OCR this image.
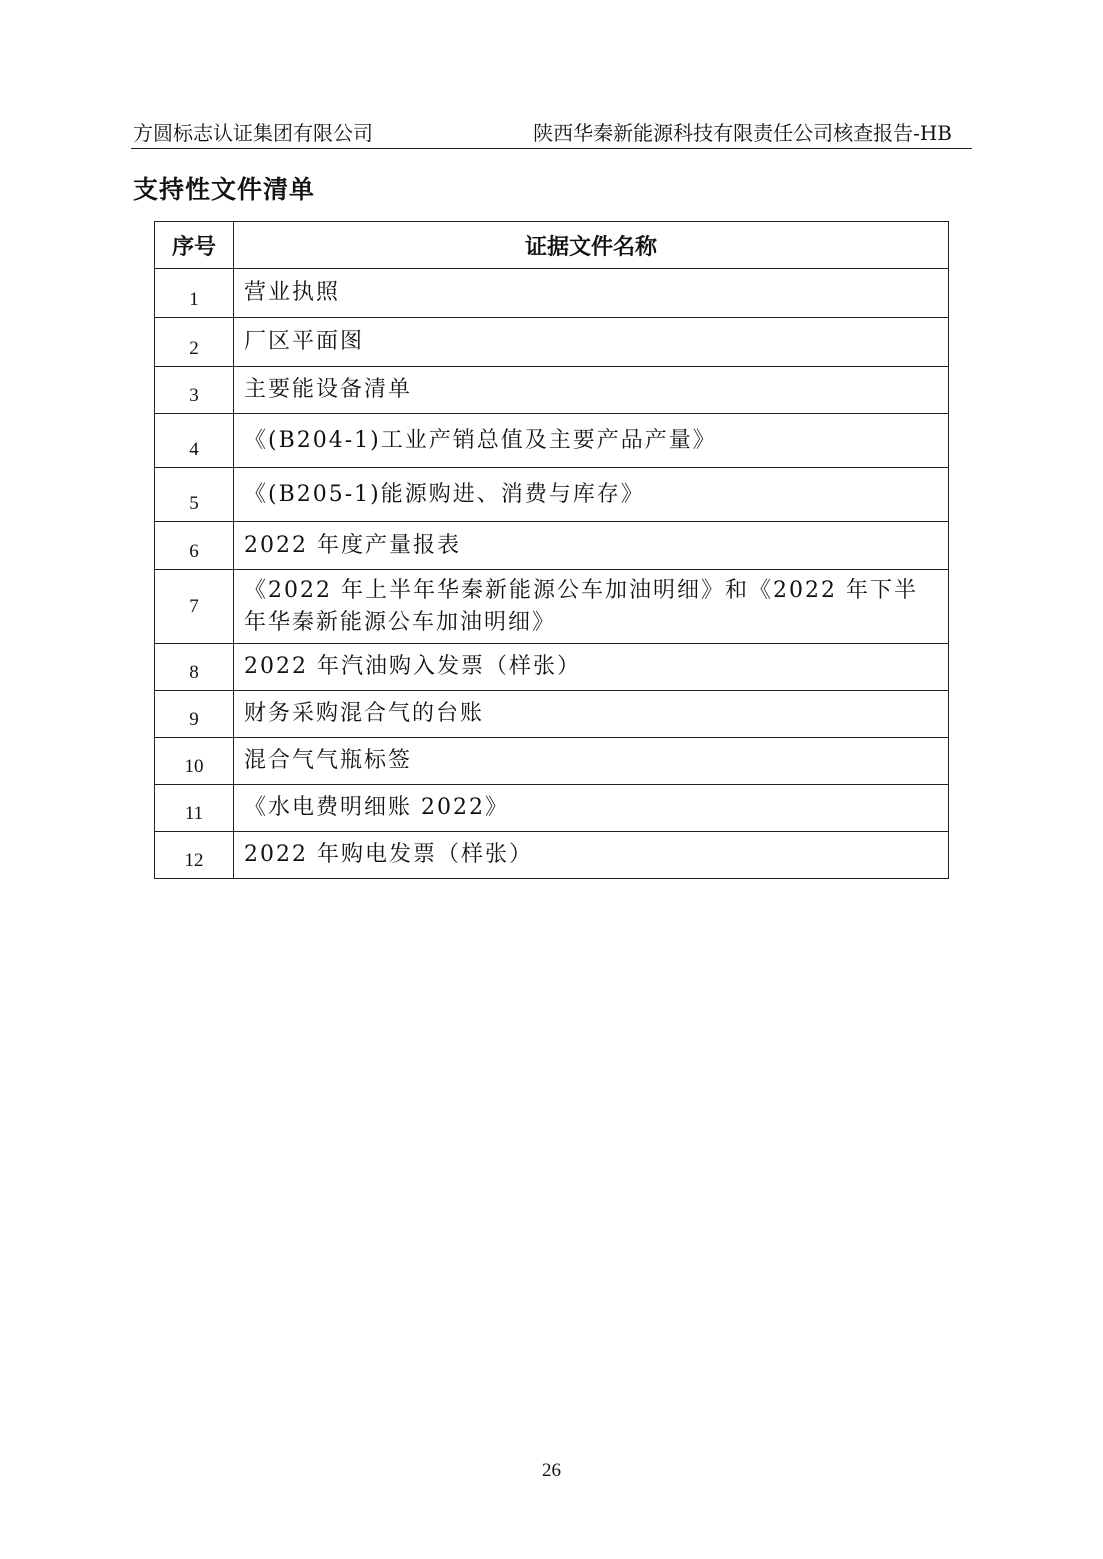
方圆标志认证集团有限公司	陕西华秦新能源科技有限责任公司核查报告-HB
支持性文件清单
序号	证据文件名称
1	营业执照
2	厂区平面图
3	主要能设备清单
4	《(B204-1)工业产销总值及主要产品产量》
5	《(B205-1)能源购进、消费与库存》
6	2022 年度产量报表
7	《2022 年上半年华秦新能源公车加油明细》和《2022 年下半年华秦新能源公车加油明细》
8	2022 年汽油购入发票（样张）
9	财务采购混合气的台账
10	混合气气瓶标签
11	《水电费明细账 2022》
12	2022 年购电发票（样张）
26
